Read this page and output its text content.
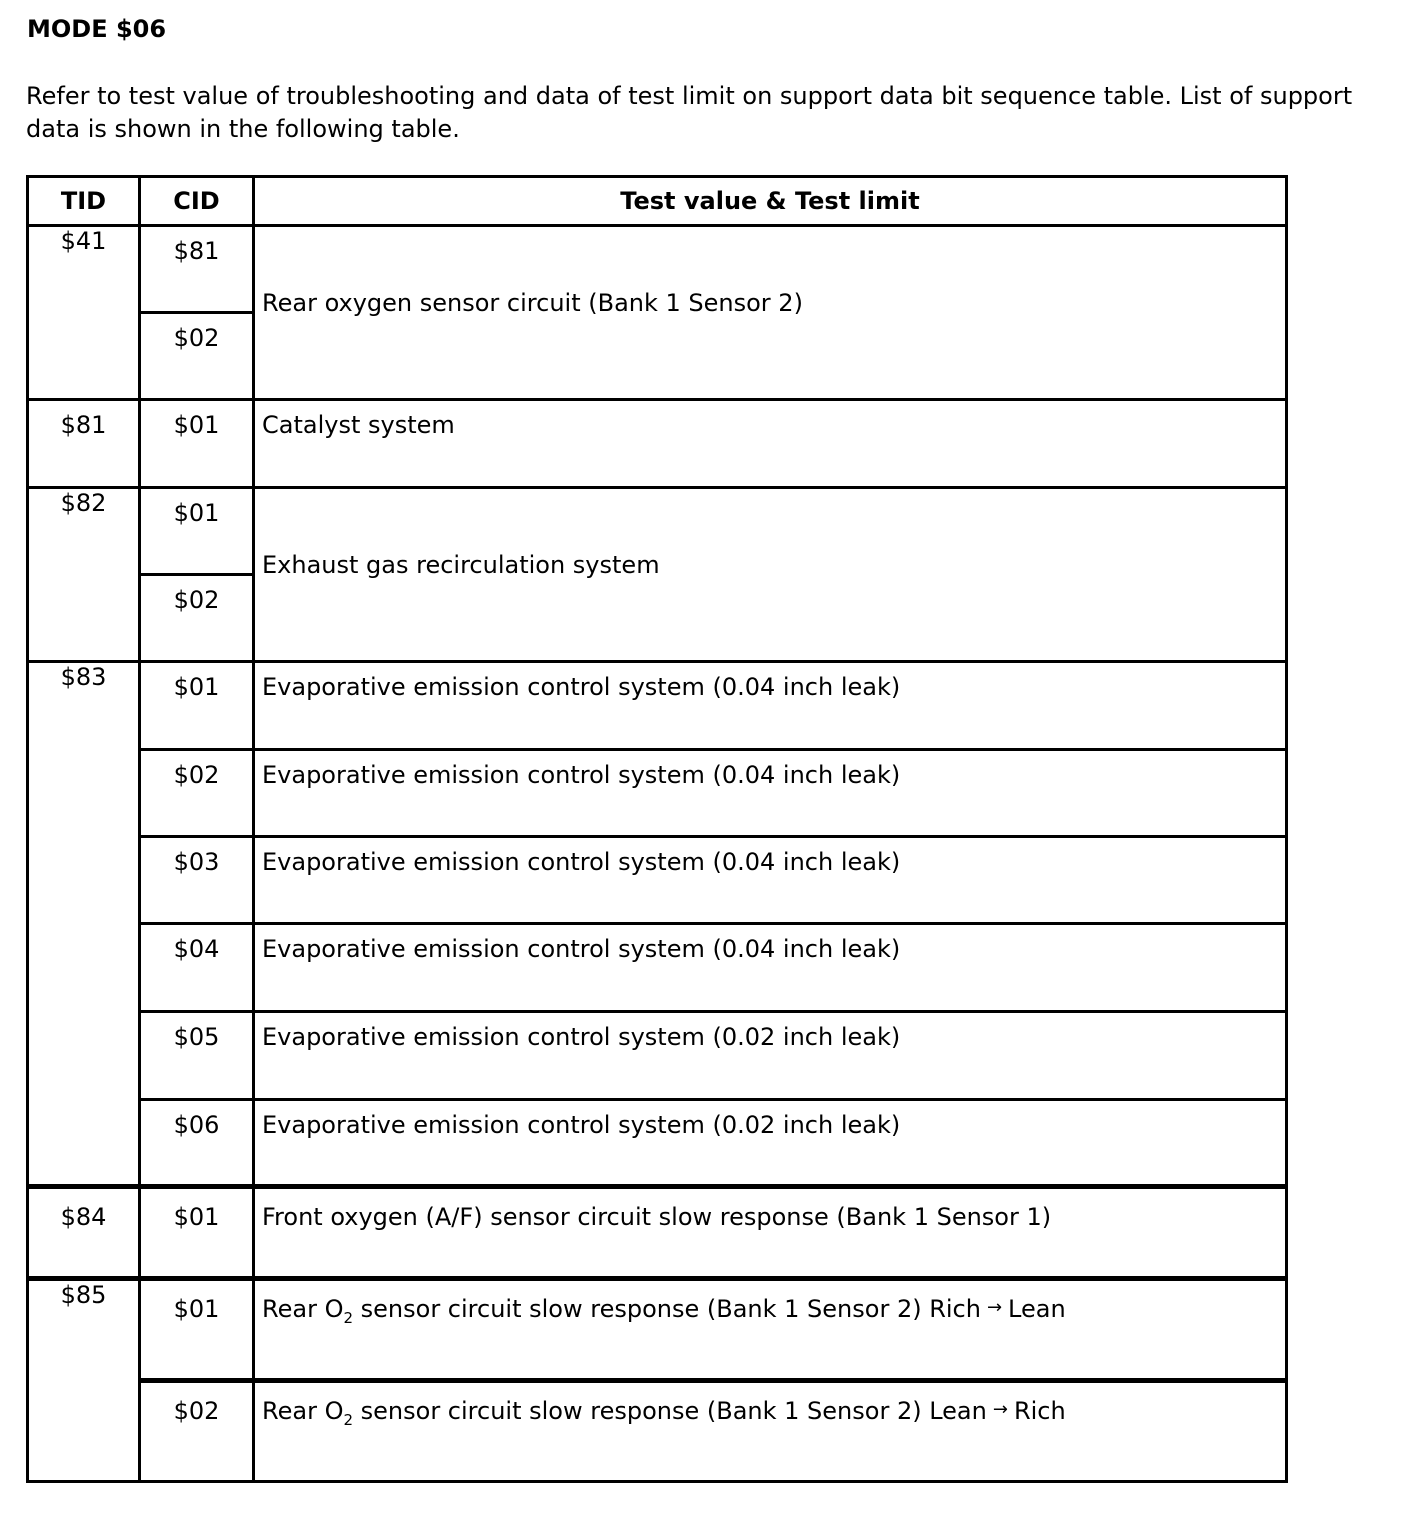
MODE $06
Refer to test value of troubleshooting and data of test limit on support data bit sequence table. List of support data is shown in the following table.
TID	CID	Test value & Test limit

$41	$81	Rear oxygen sensor circuit (Bank 1 Sensor 2)

	$02	

$81	$01	Catalyst system

$82	$01	Exhaust gas recirculation system

	$02	

$83	$01	Evaporative emission control system (0.04 inch leak)

	$02	Evaporative emission control system (0.04 inch leak)

	$03	Evaporative emission control system (0.04 inch leak)

	$04	Evaporative emission control system (0.04 inch leak)

	$05	Evaporative emission control system (0.02 inch leak)

	$06	Evaporative emission control system (0.02 inch leak)

$84	$01	Front oxygen (A/F) sensor circuit slow response (Bank 1 Sensor 1)

$85	$01	Rear $O_2$ sensor circuit slow response (Bank 1 Sensor 2) Rich → Lean

	$02	Rear $O_2$ sensor circuit slow response (Bank 1 Sensor 2) Lean → Rich
